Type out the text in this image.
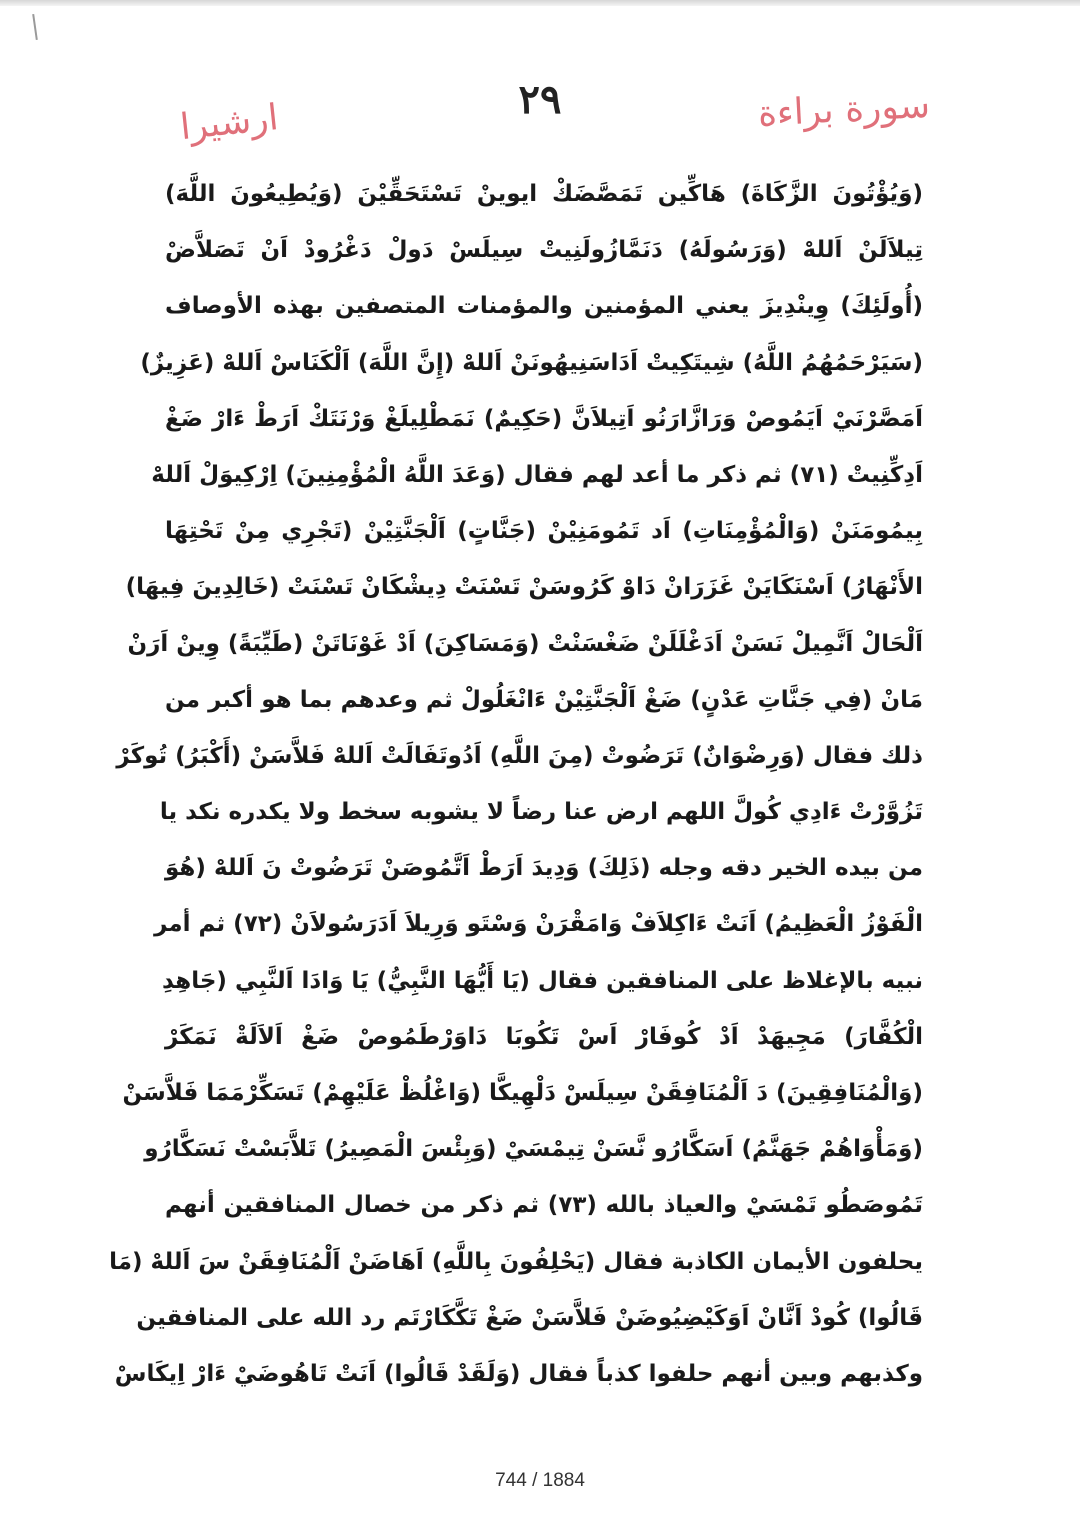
سورة براءة
٢٩
ارشيرا
(وَيُؤْتُونَ الزَّكَاةَ) هَاكِّين تَمَصَّضَكْ ايوينْ تَسْتَحَقِّيْنَ (وَيُطِيعُونَ اللَّهَ)
تِيلاَلَنْ اَللهْ (وَرَسُولَهُ) دَنَمَّازُولَنِيتْ سِيلَسْ دَولْ دَغْرُودْ اَنْ تَصَلاَّضْ
(أُولَئِكَ) وِينْدِيزَ يعني المؤمنين والمؤمنات المتصفين بهذه الأوصاف
(سَيَرْحَمُهُمُ اللَّهُ) شِيتَكِيتْ اَدَاسَنِيهُونَنْ اَللهْ (إِنَّ اللَّهَ) اَلْكَنَاسْ اَللهْ (عَزِيزٌ)
اَمَصَّرْنَيْ اَيَمُوصْ وَرَازَّارَنُو اَتِيلاَنَّ (حَكِيمٌ) نَمَطْلِيلَغْ وَرْنَتَكْ اَرَطْ ءَارْ ضَغْ
اَدِكِّنِيتْ (٧١) ثم ذكر ما أعد لهم فقال (وَعَدَ اللَّهُ الْمُؤْمِنِينَ) اِرْكِيوَلْ اَللهْ
بِيمُومَنَنْ (وَالْمُؤْمِنَاتِ) اَد تَمُومَنِيْنْ (جَنَّاتٍ) اَلْجَنَّتِيْنْ (تَجْرِي مِنْ تَحْتِهَا
الأَنْهَارُ) اَسْنَكَايَنْ غَزَرَانْ دَاوْ كَرُوسَنْ تَسْنَتْ دِيشْكَانْ تَسْنَتْ (خَالِدِينَ فِيهَا)
اَلْحَالْ اَنَّمِيلْ نَسَنْ اَدَغْلَلَنْ ضَغْسَنْتْ (وَمَسَاكِنَ) اَدْ غَوْنَاتَنْ (طَيِّبَةً) وِينْ اَرَنْ
مَانْ (فِي جَنَّاتِ عَدْنٍ) ضَغْ اَلْجَنَّتِيْنْ ءَانْغَلُولْ ثم وعدهم بما هو أكبر من
ذلك فقال (وَرِضْوَانٌ) تَرَضُوتْ (مِنَ اللَّهِ) اَدُوتَفَالَتْ اَللهْ فَلاَّسَنْ (أَكْبَرُ) تُوكَرْ
تَزُوَّرْتْ ءَادِي كُولَّ اللهم ارض عنا رضاً لا يشوبه سخط ولا يكدره نكد يا
من بيده الخير دقه وجله (ذَلِكَ) وَدِيدَ اَرَطْ اَتَّمُوصَنْ تَرَضُوتْ نَ اَللهْ (هُوَ
الْفَوْزُ الْعَظِيمُ) اَنَتْ ءَاكِلاَفْ وَامَقْرَنْ وَسْتَو وَرِيلاَ اَدَرَسُولاَنْ (٧٢) ثم أمر
نبيه بالإغلاظ على المنافقين فقال (يَا أَيُّهَا النَّبِيُّ) يَا وَادَا اَلنَّبِي (جَاهِدِ
الْكُفَّارَ) مَجِيهَدْ اَدْ كُوفَارْ اَسْ تَكُوبَا دَاوَرْطَمُوصْ ضَغْ اَلاَلَةْ نَمَكَرْ
(وَالْمُنَافِقِينَ) دَ اَلْمُنَافِقَنْ سِيلَسْ دَلْهِيكَّا (وَاغْلُظْ عَلَيْهِمْ) تَسَكِّرْمَمَا فَلاَّسَنْ
(وَمَأْوَاهُمْ جَهَنَّمُ) اَسَكَّارُو نَّسَنْ تِيمْسَيْ (وَبِئْسَ الْمَصِيرُ) تَلاَّبَسْتْ نَسَكَّارُو
تَمُوصَطُو تَمْسَيْ والعياذ بالله (٧٣) ثم ذكر من خصال المنافقين أنهم
يحلفون الأيمان الكاذبة فقال (يَحْلِفُونَ بِاللَّهِ) اَهَاضَنْ اَلْمُنَافِقَنْ سَ اَللهْ (مَا
قَالُوا) كُودْ اَنَّانْ اَوَكَيْضِيُوضَنْ فَلاَّسَنْ ضَغْ تَكَّكَارْتَم رد الله على المنافقين
وكذبهم وبين أنهم حلفوا كذباً فقال (وَلَقَدْ قَالُوا) اَنَتْ تَاهُوضَيْ ءَارْ اِيكَاسْ
744 / 1884
